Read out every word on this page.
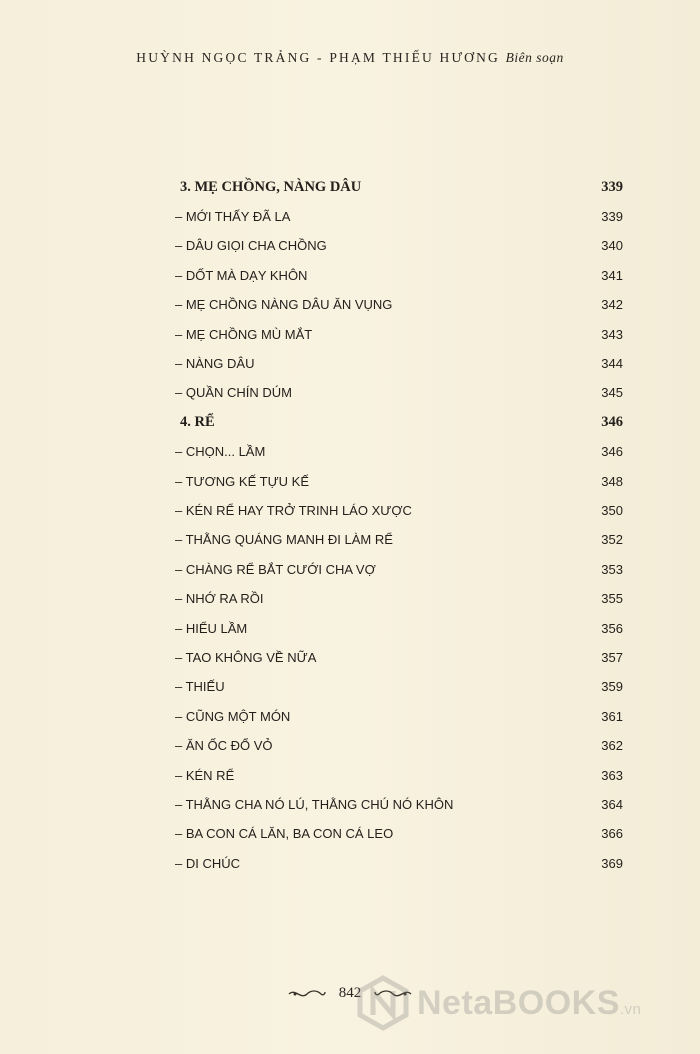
HUỲNH NGỌC TRẢNG - PHẠM THIẾU HƯƠNG Biên soạn
3. MẸ CHỒNG, NÀNG DÂU	339
– MỚI THẤY ĐÃ LA	339
– DÂU GIỌI CHA CHỒNG	340
– DỐT MÀ DẠY KHÔN	341
– MẸ CHỒNG NÀNG DÂU ĂN VỤNG	342
– MẸ CHỒNG MÙ MẮT	343
– NÀNG DÂU	344
– QUẦN CHÍN DÚM	345
4. RỂ	346
– CHỌN... LẦM	346
– TƯƠNG KẾ TỰU KẾ	348
– KÉN RỂ HAY TRỞ TRINH LÁO XƯỢC	350
– THẰNG QUÁNG MANH ĐI LÀM RỂ	352
– CHÀNG RỂ BẮT CƯỚI CHA VỢ	353
– NHỚ RA RỒI	355
– HIỂU LẦM	356
– TAO KHÔNG VỀ NỮA	357
– THIẾU	359
– CŨNG MỘT MÓN	361
– ĂN ỐC ĐỔ VỎ	362
– KÉN RỂ	363
– THẰNG CHA NÓ LÚ, THẰNG CHÚ NÓ KHÔN	364
– BA CON CÁ LĂN, BA CON CÁ LEO	366
– DI CHÚC	369
842	NetaBOOKS.vn
